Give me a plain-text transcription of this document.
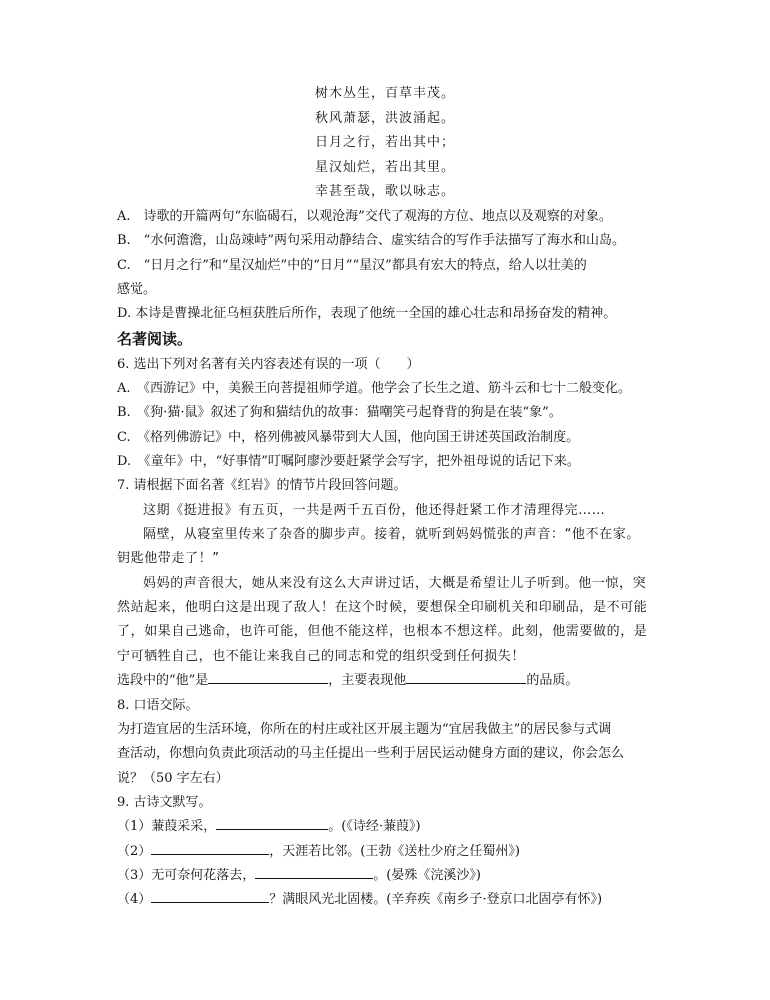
树木丛生，百草丰茂。
秋风萧瑟，洪波涌起。
日月之行，若出其中；
星汉灿烂，若出其里。
幸甚至哉，歌以咏志。
A.　诗歌的开篇两句“东临碣石，以观沧海”交代了观海的方位、地点以及观察的对象。
B.　“水何澹澹，山岛竦峙”两句采用动静结合、虚实结合的写作手法描写了海水和山岛。
C.　“日月之行”和“星汉灿烂”中的“日月”“星汉”都具有宏大的特点，给人以壮美的
感觉。
D. 本诗是曹操北征乌桓获胜后所作，表现了他统一全国的雄心壮志和昂扬奋发的精神。
名著阅读。
6. 选出下列对名著有关内容表述有误的一项（　　）
A.　《西游记》中，美猴王向菩提祖师学道。他学会了长生之道、筋斗云和七十二般变化。
B.　《狗·猫·鼠》叙述了狗和猫结仇的故事：猫嘲笑弓起脊背的狗是在装“象”。
C.　《格列佛游记》中，格列佛被风暴带到大人国，他向国王讲述英国政治制度。
D.　《童年》中，“好事情”叮嘱阿廖沙要赶紧学会写字，把外祖母说的话记下来。
7. 请根据下面名著《红岩》的情节片段回答问题。
这期《挺进报》有五页，一共是两千五百份，他还得赶紧工作才清理得完……
隔壁，从寝室里传来了杂沓的脚步声。接着，就听到妈妈慌张的声音：“他不在家。
钥匙他带走了！”
妈妈的声音很大，她从来没有这么大声讲过话，大概是希望让儿子听到。他一惊，突
然站起来，他明白这是出现了敌人！在这个时候，要想保全印刷机关和印刷品，是不可能
了，如果自己逃命，也许可能，但他不能这样，也根本不想这样。此刻，他需要做的，是
宁可牺牲自己，也不能让来我自己的同志和党的组织受到任何损失！
选段中的“他”是	，主要表现他	的品质。
8. 口语交际。
为打造宜居的生活环境，你所在的村庄或社区开展主题为“宜居我做主”的居民参与式调
查活动，你想向负责此项活动的马主任提出一些利于居民运动健身方面的建议，你会怎么
说？（50 字左右）
9. 古诗文默写。
（1）蒹葭采采，	。(《诗经·蒹葭》)
（2）	，天涯若比邻。(王勃《送杜少府之任蜀州》)
（3）无可奈何花落去，	。(晏殊《浣溪沙》)
（4）	？满眼风光北固楼。(辛弃疾《南乡子·登京口北固亭有怀》)
